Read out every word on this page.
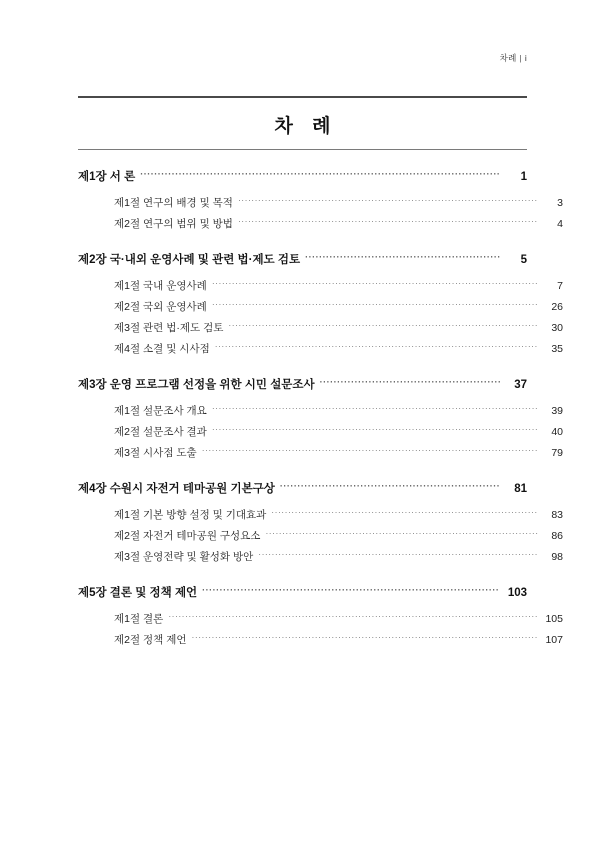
차례 | i
차 례
제1장 서 론 ·····	1
제1절 연구의 배경 및 목적 ·····	3
제2절 연구의 범위 및 방법 ·····	4
제2장 국·내외 운영사례 및 관련 법·제도 검토 ·····	5
제1절 국내 운영사례 ·····	7
제2절 국외 운영사례 ·····	26
제3절 관련 법·제도 검토 ·····	30
제4절 소결 및 시사점 ·····	35
제3장 운영 프로그램 선정을 위한 시민 설문조사 ·····	37
제1절 설문조사 개요 ·····	39
제2절 설문조사 결과 ·····	40
제3절 시사점 도출 ·····	79
제4장 수원시 자전거 테마공원 기본구상 ·····	81
제1절 기본 방향 설정 및 기대효과 ·····	83
제2절 자전거 테마공원 구성요소 ·····	86
제3절 운영전략 및 활성화 방안 ·····	98
제5장 결론 및 정책 제언 ·····	103
제1절 결론 ·····	105
제2절 정책 제언 ·····	107
